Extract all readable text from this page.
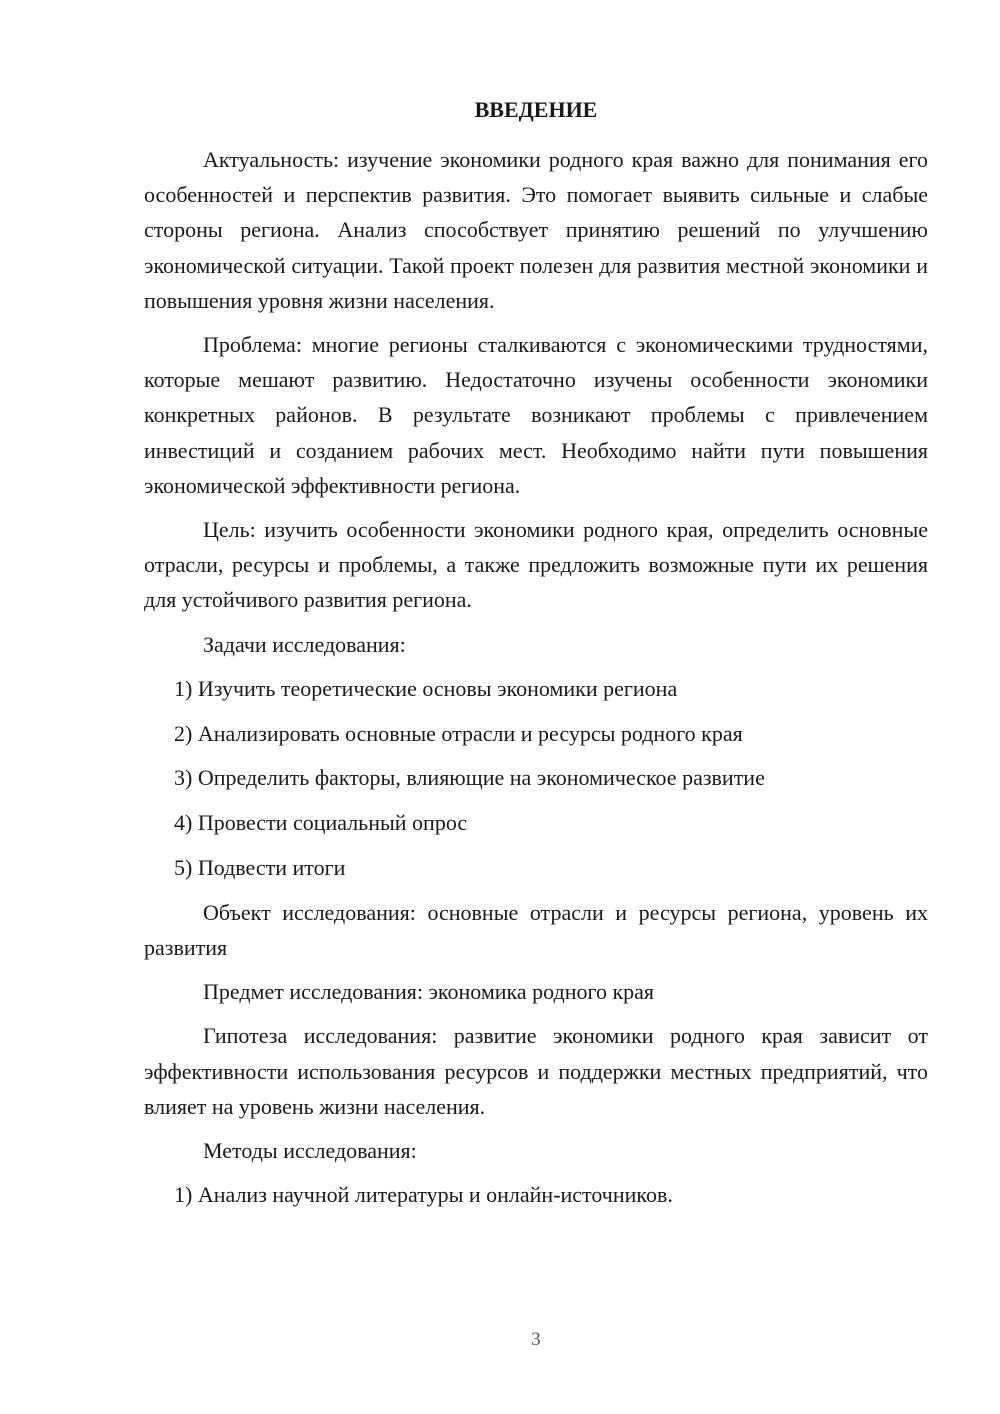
ВВЕДЕНИЕ

Актуальность: изучение экономики родного края важно для понимания его особенностей и перспектив развития. Это помогает выявить сильные и слабые стороны региона. Анализ способствует принятию решений по улучшению экономической ситуации. Такой проект полезен для развития местной экономики и повышения уровня жизни населения.

Проблема: многие регионы сталкиваются с экономическими трудностями, которые мешают развитию. Недостаточно изучены особенности экономики конкретных районов. В результате возникают проблемы с привлечением инвестиций и созданием рабочих мест. Необходимо найти пути повышения экономической эффективности региона.

Цель: изучить особенности экономики родного края, определить основные отрасли, ресурсы и проблемы, а также предложить возможные пути их решения для устойчивого развития региона.

Задачи исследования:

1) Изучить теоретические основы экономики региона

2) Анализировать основные отрасли и ресурсы родного края

3) Определить факторы, влияющие на экономическое развитие

4) Провести социальный опрос

5) Подвести итоги

Объект исследования: основные отрасли и ресурсы региона, уровень их развития

Предмет исследования: экономика родного края

Гипотеза исследования: развитие экономики родного края зависит от эффективности использования ресурсов и поддержки местных предприятий, что влияет на уровень жизни населения.

Методы исследования:

1) Анализ научной литературы и онлайн-источников.

3
